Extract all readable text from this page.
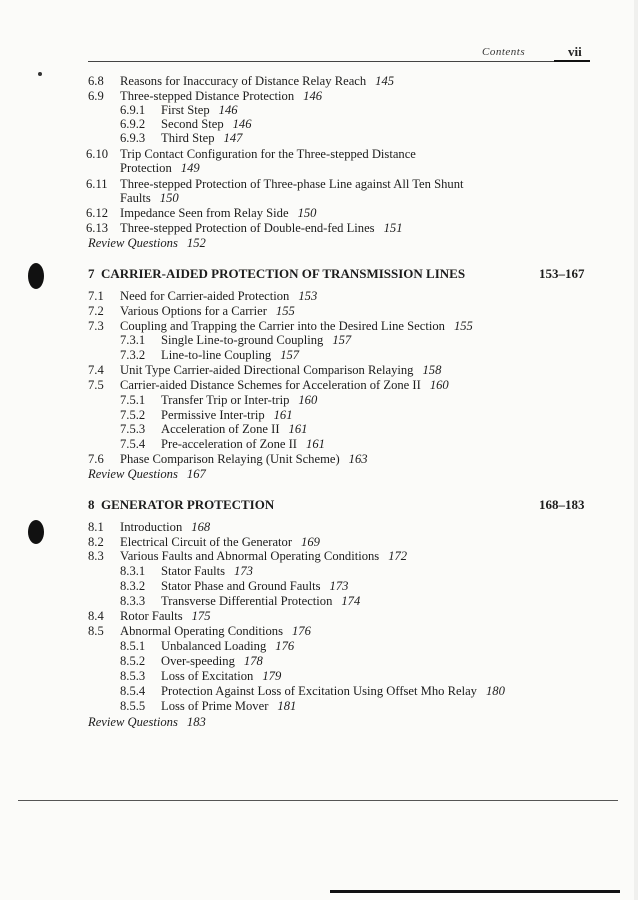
Contents	vii
6.8 Reasons for Inaccuracy of Distance Relay Reach 145
6.9 Three-stepped Distance Protection 146
6.9.1 First Step 146
6.9.2 Second Step 146
6.9.3 Third Step 147
6.10 Trip Contact Configuration for the Three-stepped Distance
Protection 149
6.11 Three-stepped Protection of Three-phase Line against All Ten Shunt
Faults 150
6.12 Impedance Seen from Relay Side 150
6.13 Three-stepped Protection of Double-end-fed Lines 151
Review Questions 152
7 CARRIER-AIDED PROTECTION OF TRANSMISSION LINES	153–167
7.1 Need for Carrier-aided Protection 153
7.2 Various Options for a Carrier 155
7.3 Coupling and Trapping the Carrier into the Desired Line Section 155
7.3.1 Single Line-to-ground Coupling 157
7.3.2 Line-to-line Coupling 157
7.4 Unit Type Carrier-aided Directional Comparison Relaying 158
7.5 Carrier-aided Distance Schemes for Acceleration of Zone II 160
7.5.1 Transfer Trip or Inter-trip 160
7.5.2 Permissive Inter-trip 161
7.5.3 Acceleration of Zone II 161
7.5.4 Pre-acceleration of Zone II 161
7.6 Phase Comparison Relaying (Unit Scheme) 163
Review Questions 167
8 GENERATOR PROTECTION	168–183
8.1 Introduction 168
8.2 Electrical Circuit of the Generator 169
8.3 Various Faults and Abnormal Operating Conditions 172
8.3.1 Stator Faults 173
8.3.2 Stator Phase and Ground Faults 173
8.3.3 Transverse Differential Protection 174
8.4 Rotor Faults 175
8.5 Abnormal Operating Conditions 176
8.5.1 Unbalanced Loading 176
8.5.2 Over-speeding 178
8.5.3 Loss of Excitation 179
8.5.4 Protection Against Loss of Excitation Using Offset Mho Relay 180
8.5.5 Loss of Prime Mover 181
Review Questions 183
